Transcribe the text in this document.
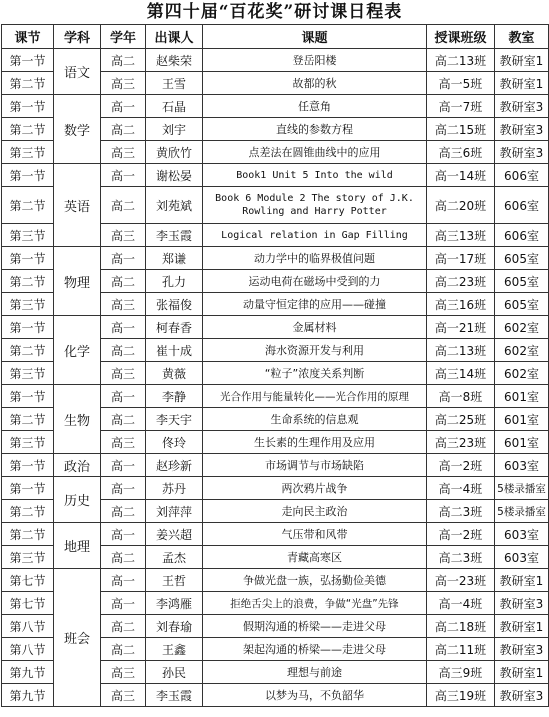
第四十届“百花奖”研讨课日程表
课节	学科	学年	出课人	课题	授课班级	教室
第一节	语文	高二	赵柴荣	登岳阳楼	高二13班	教研室1
第二节		高三	王雪	故都的秋	高一5班	教研室1
第一节	数学	高一	石晶	任意角	高一7班	教研室3
第二节		高二	刘宇	直线的参数方程	高二15班	教研室3
第三节		高三	黄欣竹	点差法在圆锥曲线中的应用	高三6班	教研室3
第一节	英语	高一	谢松晏	Book1 Unit 5 Into the wild	高一14班	606室
第二节		高二	刘苑斌	Book 6 Module 2 The story of J.K. Rowling and Harry Potter	高二20班	606室
第三节		高三	李玉霞	Logical relation in Gap Filling	高三13班	606室
第一节	物理	高一	郑谦	动力学中的临界极值问题	高一17班	605室
第二节		高二	孔力	运动电荷在磁场中受到的力	高二23班	605室
第三节		高三	张福俊	动量守恒定律的应用——碰撞	高三16班	605室
第一节	化学	高一	柯春香	金属材料	高一21班	602室
第二节		高二	崔十成	海水资源开发与利用	高二13班	602室
第三节		高三	黄薇	“粒子”浓度关系判断	高三14班	602室
第一节	生物	高一	李静	光合作用与能量转化——光合作用的原理	高一8班	601室
第二节		高二	李天宇	生命系统的信息观	高二25班	601室
第三节		高三	佟玲	生长素的生理作用及应用	高三23班	601室
第一节	政治	高一	赵珍新	市场调节与市场缺陷	高一2班	603室
第一节	历史	高一	苏丹	两次鸦片战争	高一4班	5楼录播室
第二节		高二	刘萍萍	走向民主政治	高二3班	5楼录播室
第二节	地理	高一	姜兴超	气压带和风带	高一2班	603室
第三节		高二	孟杰	青藏高寒区	高二3班	603室
第七节	班会	高一	王哲	争做光盘一族，弘扬勤俭美德	高一23班	教研室1
第七节		高一	李鸿雁	拒绝舌尖上的浪费，争做“光盘”先锋	高一4班	教研室3
第八节		高二	刘春瑜	假期沟通的桥梁——走进父母	高二18班	教研室1
第八节		高二	王鑫	架起沟通的桥梁——走进父母	高二11班	教研室3
第九节		高三	孙民	理想与前途	高三9班	教研室1
第九节		高三	李玉霞	以梦为马，不负韶华	高三19班	教研室3
